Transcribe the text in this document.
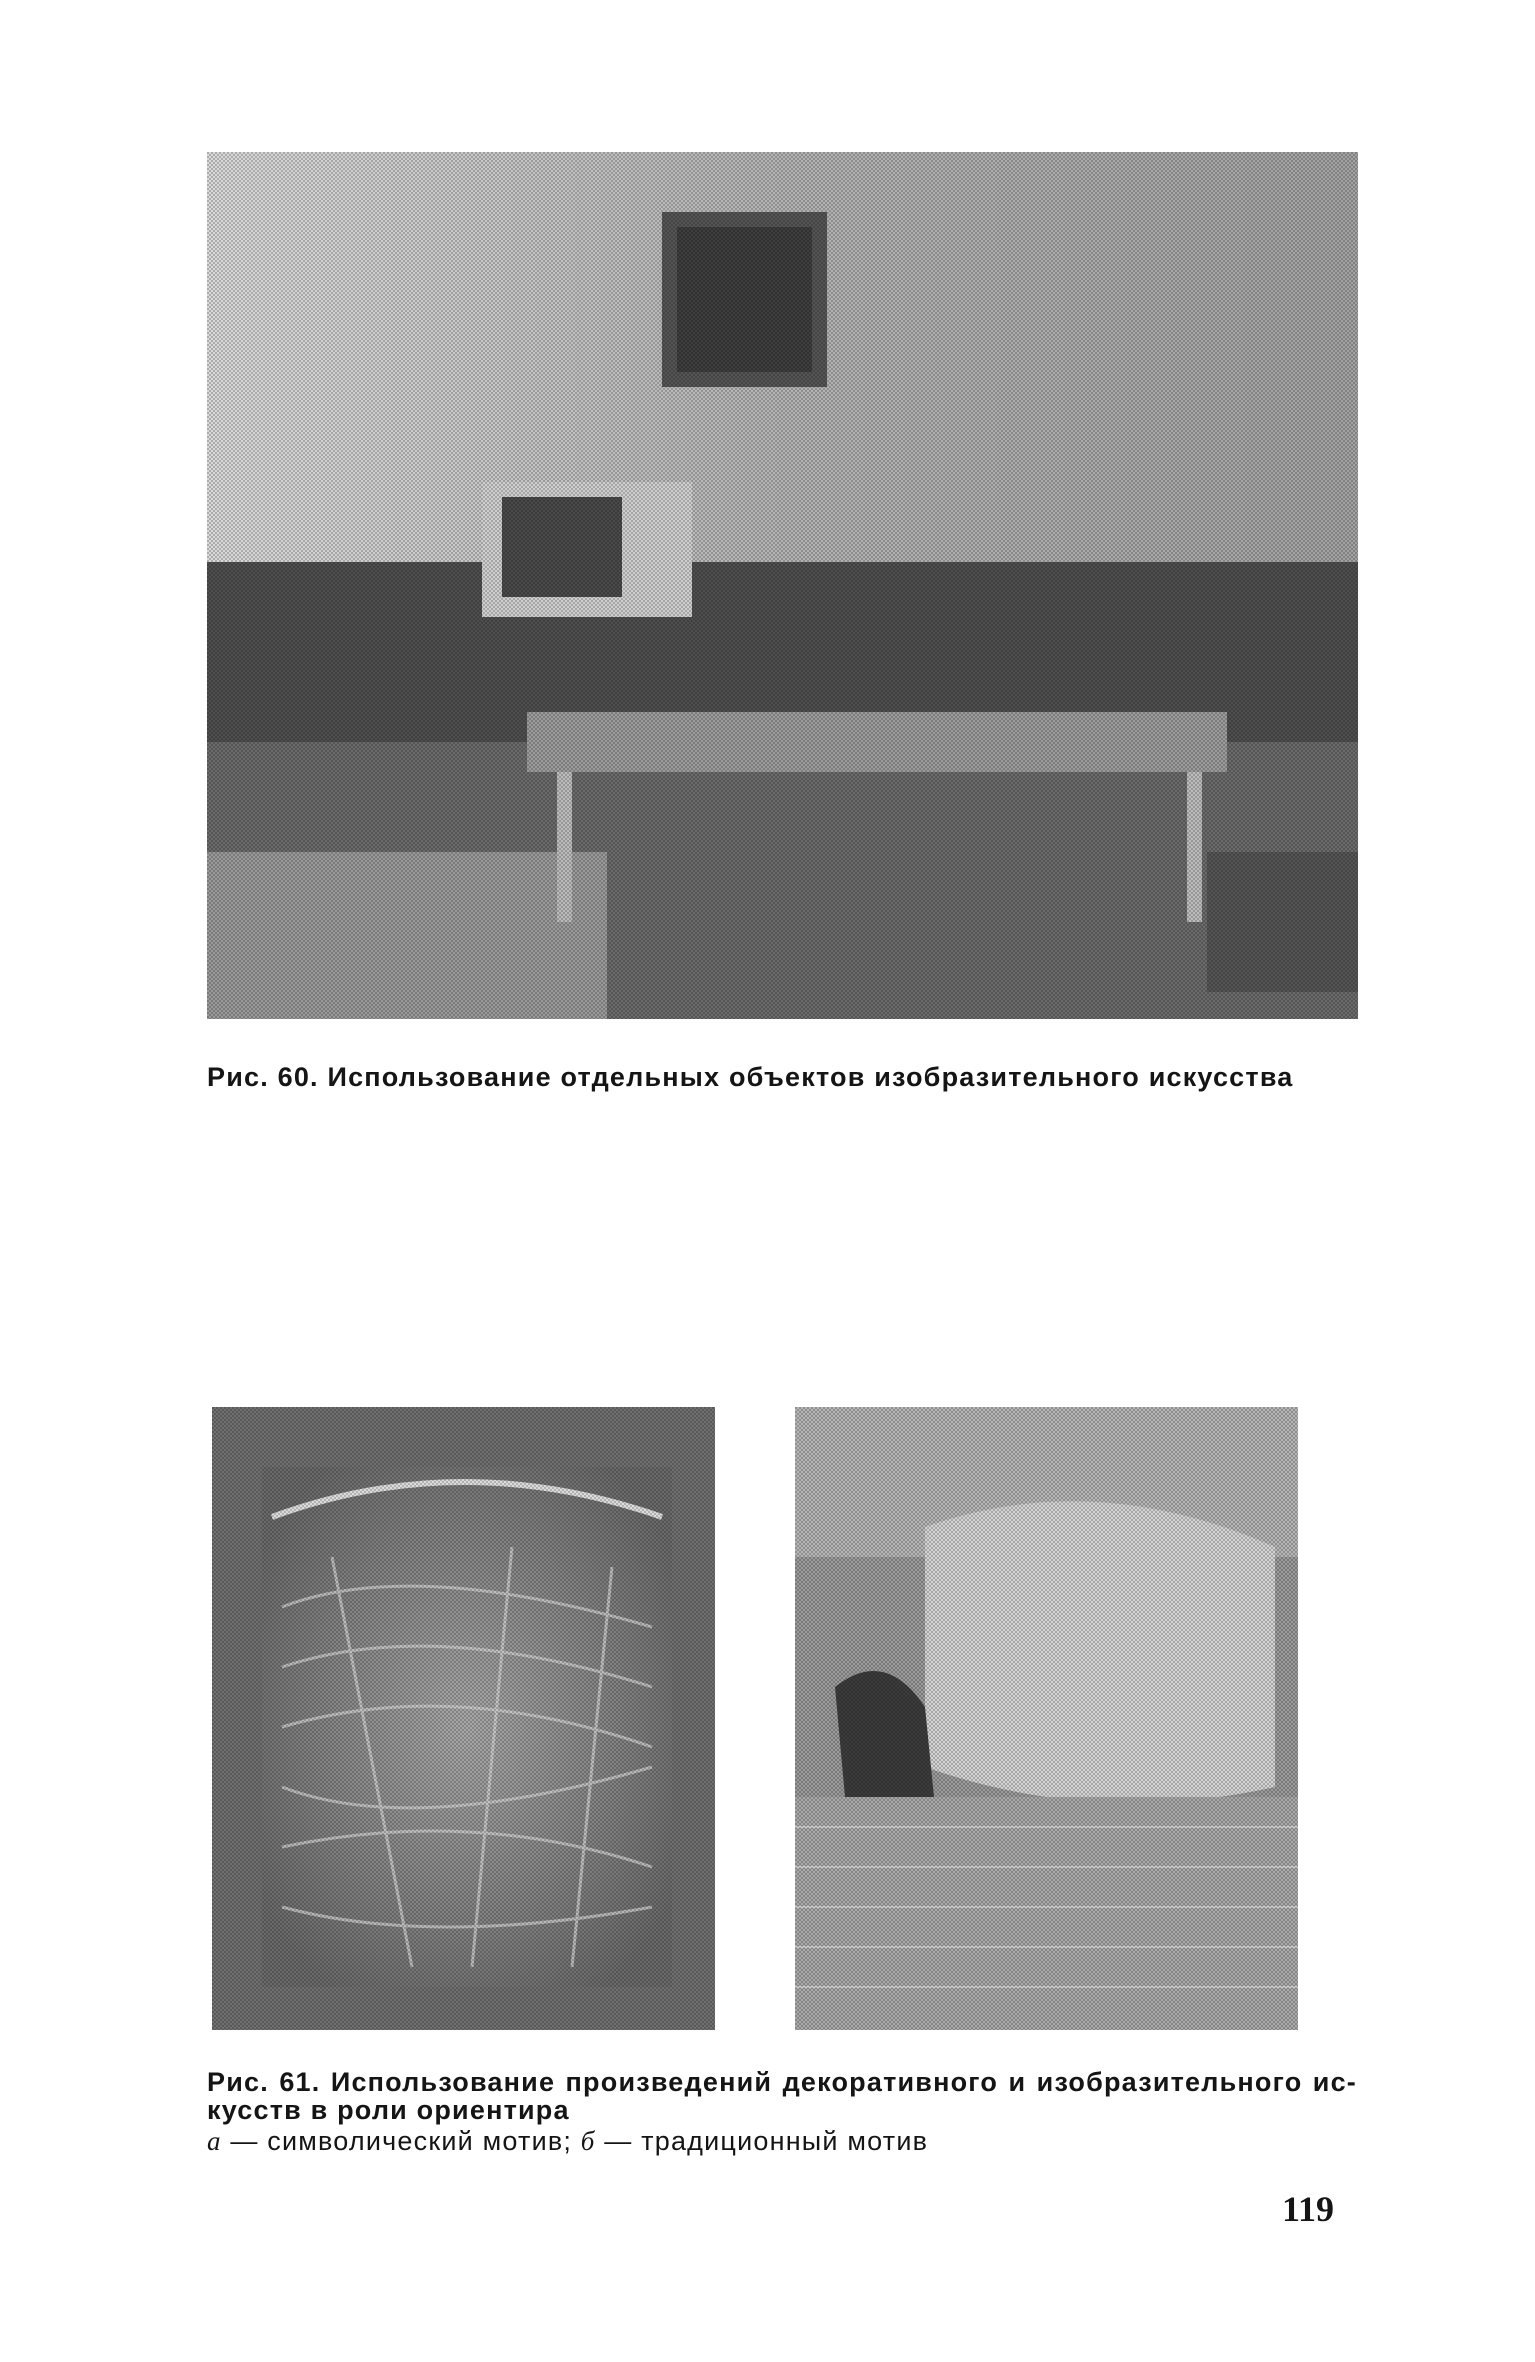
Рис. 60. Использование отдельных объектов изобразительного искусства
Рис. 61. Использование произведений декоративного и изобразительного ис-
кусств в роли ориентира
а — символический мотив; б — традиционный мотив
119
